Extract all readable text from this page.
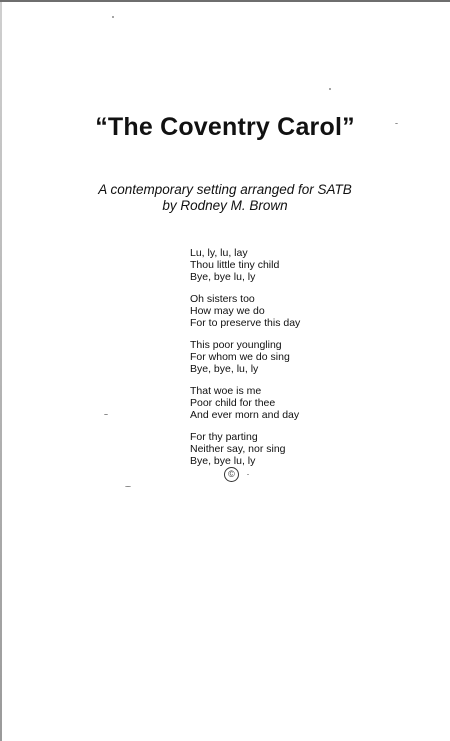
“The Coventry Carol”
A contemporary setting arranged for SATB
by Rodney M. Brown
Lu, ly, lu, lay
Thou little tiny child
Bye, bye lu, ly
Oh sisters too
How may we do
For to preserve this day
This poor youngling
For whom we do sing
Bye, bye, lu, ly
That woe is me
Poor child for thee
And ever morn and day
For thy parting
Neither say, nor sing
Bye, bye lu, ly
©
